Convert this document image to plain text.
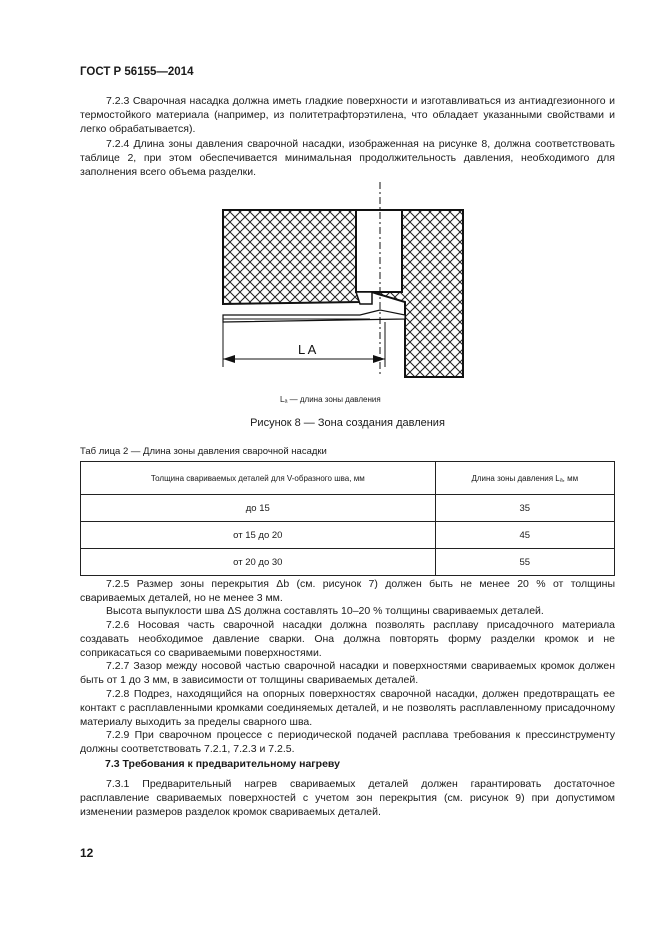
ГОСТ Р 56155—2014
7.2.3 Сварочная насадка должна иметь гладкие поверхности и изготавливаться из антиадгезионного и термостойкого материала (например, из политетрафторэтилена, что обладает указанными свойствами и легко обрабатывается).
7.2.4 Длина зоны давления сварочной насадки, изображенная на рисунке 8, должна соответствовать таблице 2, при этом обеспечивается минимальная продолжительность давления, необходимого для заполнения всего объема разделки.
L A
Lₐ — длина зоны давления
Рисунок 8 — Зона создания давления
Таб лица 2 — Длина зоны давления сварочной насадки
Толщина свариваемых деталей для V-образного шва, мм	Длина зоны давления Lₐ, мм
до 15	35
от 15 до 20	45
от 20 до 30	55
7.2.5 Размер зоны перекрытия Δb (см. рисунок 7) должен быть не менее 20 % от толщины свариваемых деталей, но не менее 3 мм.
Высота выпуклости шва ΔS должна составлять 10–20 % толщины свариваемых деталей.
7.2.6 Носовая часть сварочной насадки должна позволять расплаву присадочного материала создавать необходимое давление сварки. Она должна повторять форму разделки кромок и не соприкасаться со свариваемыми поверхностями.
7.2.7 Зазор между носовой частью сварочной насадки и поверхностями свариваемых кромок должен быть от 1 до 3 мм, в зависимости от толщины свариваемых деталей.
7.2.8 Подрез, находящийся на опорных поверхностях сварочной насадки, должен предотвращать ее контакт с расплавленными кромками соединяемых деталей, и не позволять расплавленному присадочному материалу выходить за пределы сварного шва.
7.2.9 При сварочном процессе с периодической подачей расплава требования к прессинструменту должны соответствовать 7.2.1, 7.2.3 и 7.2.5.
7.3 Требования к предварительному нагреву
7.3.1 Предварительный нагрев свариваемых деталей должен гарантировать достаточное расплавление свариваемых поверхностей с учетом зон перекрытия (см. рисунок 9) при допустимом изменении размеров разделок кромок свариваемых деталей.
12
